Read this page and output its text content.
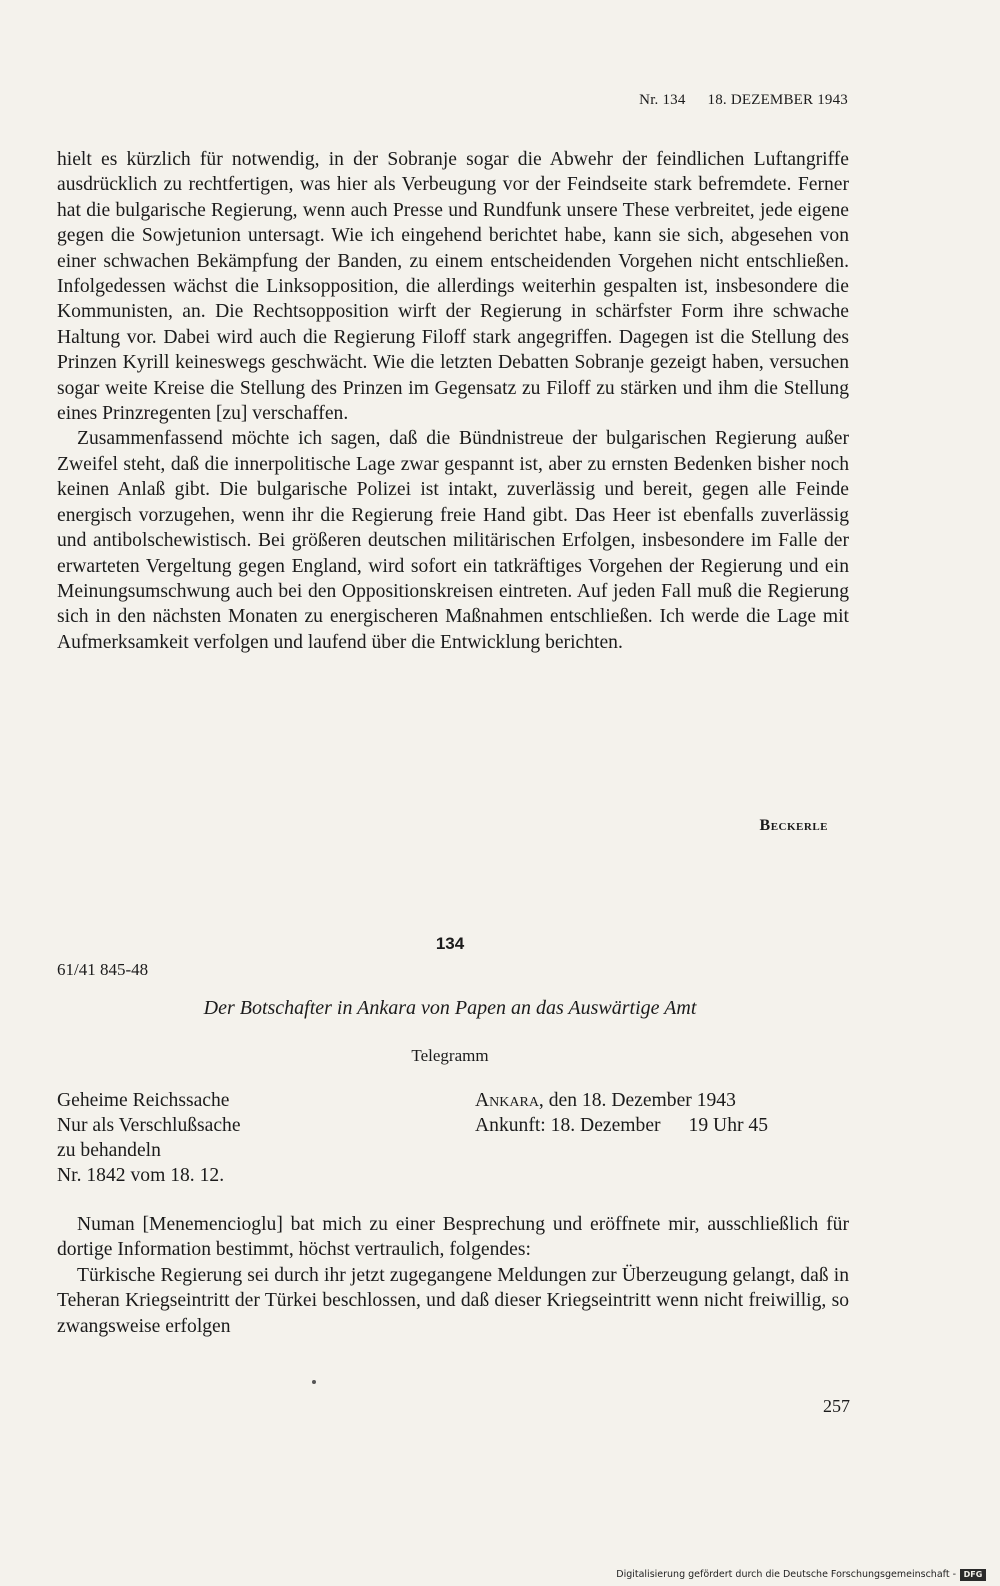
Nr. 134 18. DEZEMBER 1943

hielt es kürzlich für notwendig, in der Sobranje sogar die Abwehr der feindlichen Luftangriffe ausdrücklich zu rechtfertigen, was hier als Verbeugung vor der Feindseite stark befremdete. Ferner hat die bulgarische Regierung, wenn auch Presse und Rundfunk unsere These verbreitet, jede eigene gegen die Sowjetunion untersagt. Wie ich eingehend berichtet habe, kann sie sich, abgesehen von einer schwachen Bekämpfung der Banden, zu einem entscheidenden Vorgehen nicht entschließen. Infolgedessen wächst die Linksopposition, die allerdings weiterhin gespalten ist, insbesondere die Kommunisten, an. Die Rechtsopposition wirft der Regierung in schärfster Form ihre schwache Haltung vor. Dabei wird auch die Regierung Filoff stark angegriffen. Dagegen ist die Stellung des Prinzen Kyrill keineswegs geschwächt. Wie die letzten Debatten Sobranje gezeigt haben, versuchen sogar weite Kreise die Stellung des Prinzen im Gegensatz zu Filoff zu stärken und ihm die Stellung eines Prinzregenten [zu] verschaffen.

Zusammenfassend möchte ich sagen, daß die Bündnistreue der bulgarischen Regierung außer Zweifel steht, daß die innerpolitische Lage zwar gespannt ist, aber zu ernsten Bedenken bisher noch keinen Anlaß gibt. Die bulgarische Polizei ist intakt, zuverlässig und bereit, gegen alle Feinde energisch vorzugehen, wenn ihr die Regierung freie Hand gibt. Das Heer ist ebenfalls zuverlässig und antibolschewistisch. Bei größeren deutschen militärischen Erfolgen, insbesondere im Falle der erwarteten Vergeltung gegen England, wird sofort ein tatkräftiges Vorgehen der Regierung und ein Meinungsumschwung auch bei den Oppositionskreisen eintreten. Auf jeden Fall muß die Regierung sich in den nächsten Monaten zu energischeren Maßnahmen entschließen. Ich werde die Lage mit Aufmerksamkeit verfolgen und laufend über die Entwicklung berichten.

Beckerle
134
61/41 845-48
Der Botschafter in Ankara von Papen an das Auswärtige Amt
Telegramm
Geheime Reichssache
Nur als Verschlußsache
zu behandeln
Nr. 1842 vom 18. 12.
Ankara, den 18. Dezember 1943
Ankunft: 18. Dezember 19 Uhr 45

Numan [Menemencioglu] bat mich zu einer Besprechung und eröffnete mir, ausschließlich für dortige Information bestimmt, höchst vertraulich, folgendes:

Türkische Regierung sei durch ihr jetzt zugegangene Meldungen zur Überzeugung gelangt, daß in Teheran Kriegseintritt der Türkei beschlossen, und daß dieser Kriegseintritt wenn nicht freiwillig, so zwangsweise erfolgen

257
Digitalisierung gefördert durch die Deutsche Forschungsgemeinschaft - DFG
